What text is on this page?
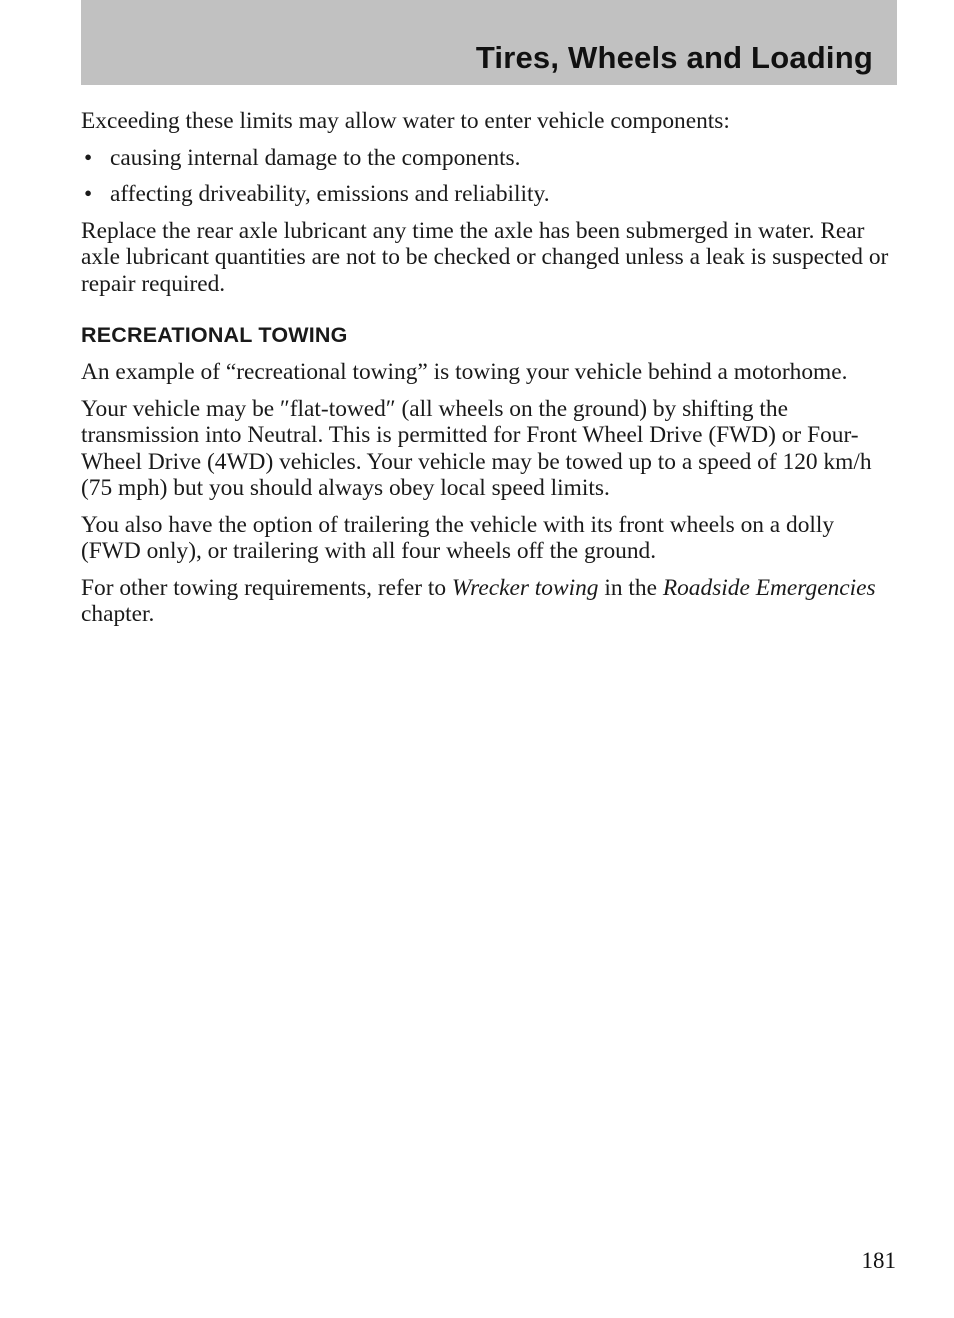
Tires, Wheels and Loading

Exceeding these limits may allow water to enter vehicle components:

• causing internal damage to the components.
• affecting driveability, emissions and reliability.

Replace the rear axle lubricant any time the axle has been submerged in water. Rear axle lubricant quantities are not to be checked or changed unless a leak is suspected or repair required.

RECREATIONAL TOWING

An example of “recreational towing” is towing your vehicle behind a motorhome.

Your vehicle may be ″flat-towed″ (all wheels on the ground) by shifting the transmission into Neutral. This is permitted for Front Wheel Drive (FWD) or Four-Wheel Drive (4WD) vehicles. Your vehicle may be towed up to a speed of 120 km/h (75 mph) but you should always obey local speed limits.

You also have the option of trailering the vehicle with its front wheels on a dolly (FWD only), or trailering with all four wheels off the ground.

For other towing requirements, refer to Wrecker towing in the Roadside Emergencies chapter.

181
